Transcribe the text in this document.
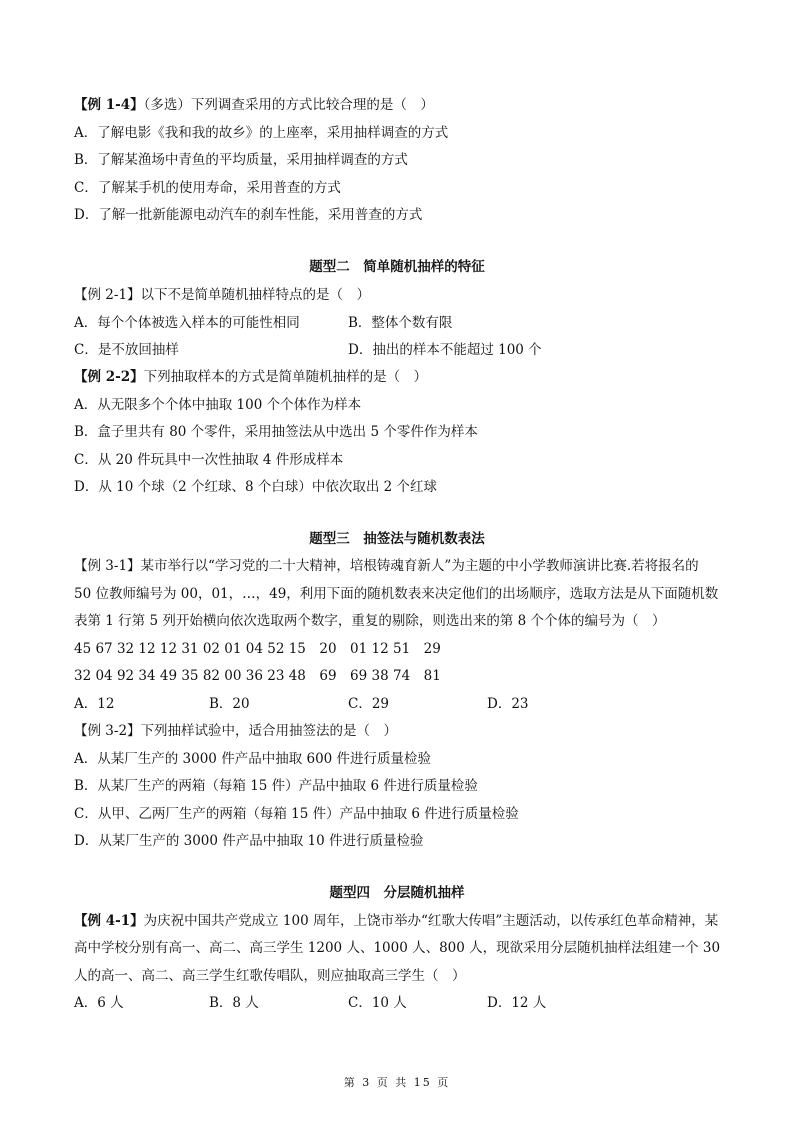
【例 1-4】（多选）下列调查采用的方式比较合理的是（　）
A．了解电影《我和我的故乡》的上座率，采用抽样调查的方式
B．了解某渔场中青鱼的平均质量，采用抽样调查的方式
C．了解某手机的使用寿命，采用普查的方式
D．了解一批新能源电动汽车的刹车性能，采用普查的方式
题型二　简单随机抽样的特征
【例 2-1】以下不是简单随机抽样特点的是（　）
A．每个个体被选入样本的可能性相同	B．整体个数有限
C．是不放回抽样	D．抽出的样本不能超过 100 个
【例 2-2】下列抽取样本的方式是简单随机抽样的是（　）
A．从无限多个个体中抽取 100 个个体作为样本
B．盒子里共有 80 个零件，采用抽签法从中选出 5 个零件作为样本
C．从 20 件玩具中一次性抽取 4 件形成样本
D．从 10 个球（2 个红球、8 个白球）中依次取出 2 个红球
题型三　抽签法与随机数表法
【例 3-1】某市举行以“学习党的二十大精神，培根铸魂育新人”为主题的中小学教师演讲比赛.若将报名的
50 位教师编号为 00，01，…，49，利用下面的随机数表来决定他们的出场顺序，选取方法是从下面随机数
表第 1 行第 5 列开始横向依次选取两个数字，重复的剔除，则选出来的第 8 个个体的编号为（　）
45 67 32 12 12 31 02 01 04 52 15　20　01 12 51　29
32 04 92 34 49 35 82 00 36 23 48　69　69 38 74　81
A．12	B．20	C．29	D．23
【例 3-2】下列抽样试验中，适合用抽签法的是（　）
A．从某厂生产的 3000 件产品中抽取 600 件进行质量检验
B．从某厂生产的两箱（每箱 15 件）产品中抽取 6 件进行质量检验
C．从甲、乙两厂生产的两箱（每箱 15 件）产品中抽取 6 件进行质量检验
D．从某厂生产的 3000 件产品中抽取 10 件进行质量检验
题型四　分层随机抽样
【例 4-1】为庆祝中国共产党成立 100 周年，上饶市举办“红歌大传唱”主题活动，以传承红色革命精神，某
高中学校分别有高一、高二、高三学生 1200 人、1000 人、800 人，现欲采用分层随机抽样法组建一个 30
人的高一、高二、高三学生红歌传唱队，则应抽取高三学生（　）
A．6 人	B．8 人	C．10 人	D．12 人
第 3 页 共 15 页
